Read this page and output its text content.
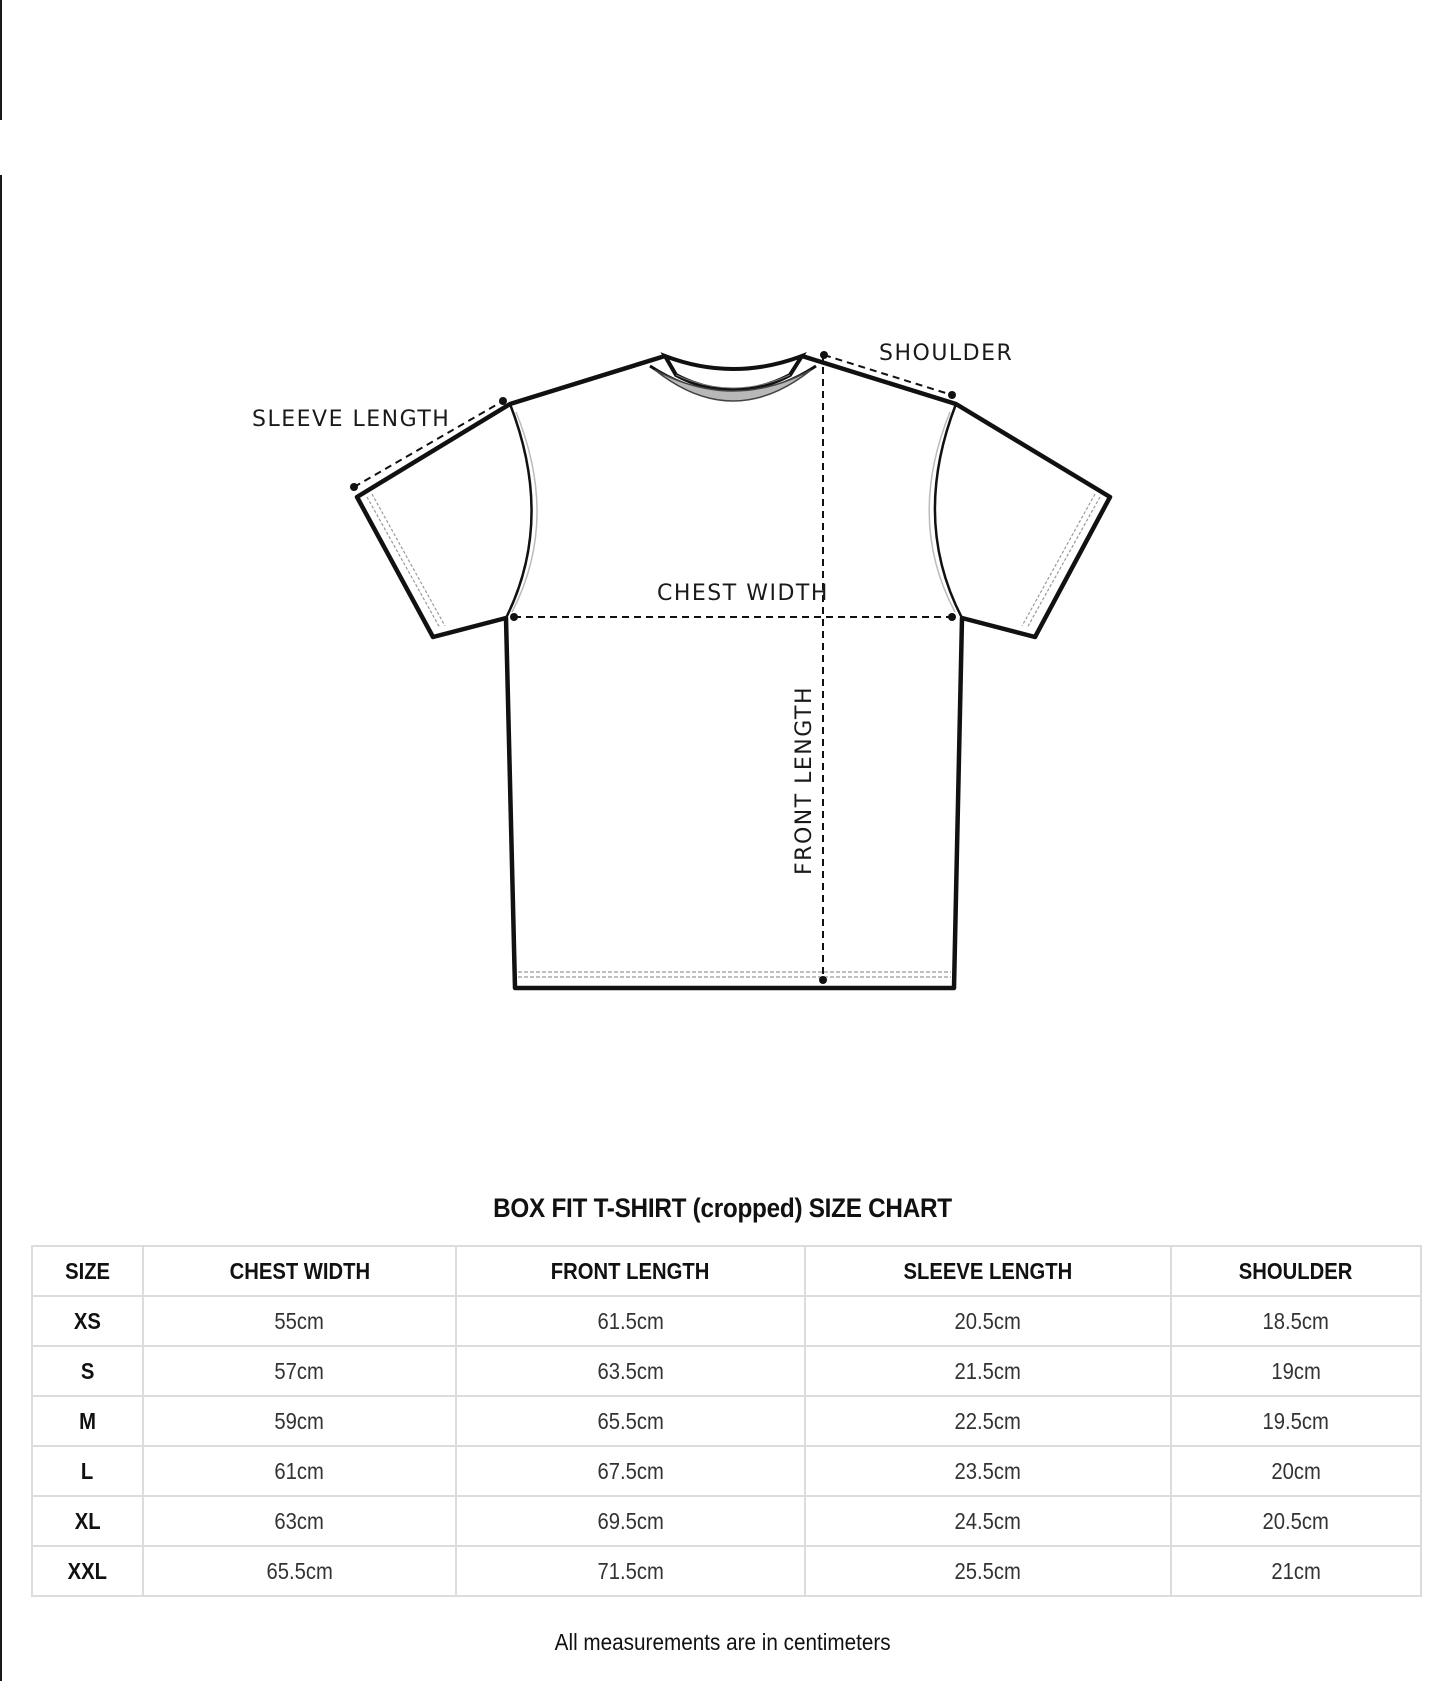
SLEEVE LENGTH
SHOULDER
CHEST WIDTH
FRONT LENGTH
BOX FIT T-SHIRT (cropped) SIZE CHART
SIZE	CHEST WIDTH	FRONT LENGTH	SLEEVE LENGTH	SHOULDER
XS	55cm	61.5cm	20.5cm	18.5cm
S	57cm	63.5cm	21.5cm	19cm
M	59cm	65.5cm	22.5cm	19.5cm
L	61cm	67.5cm	23.5cm	20cm
XL	63cm	69.5cm	24.5cm	20.5cm
XXL	65.5cm	71.5cm	25.5cm	21cm
All measurements are in centimeters
